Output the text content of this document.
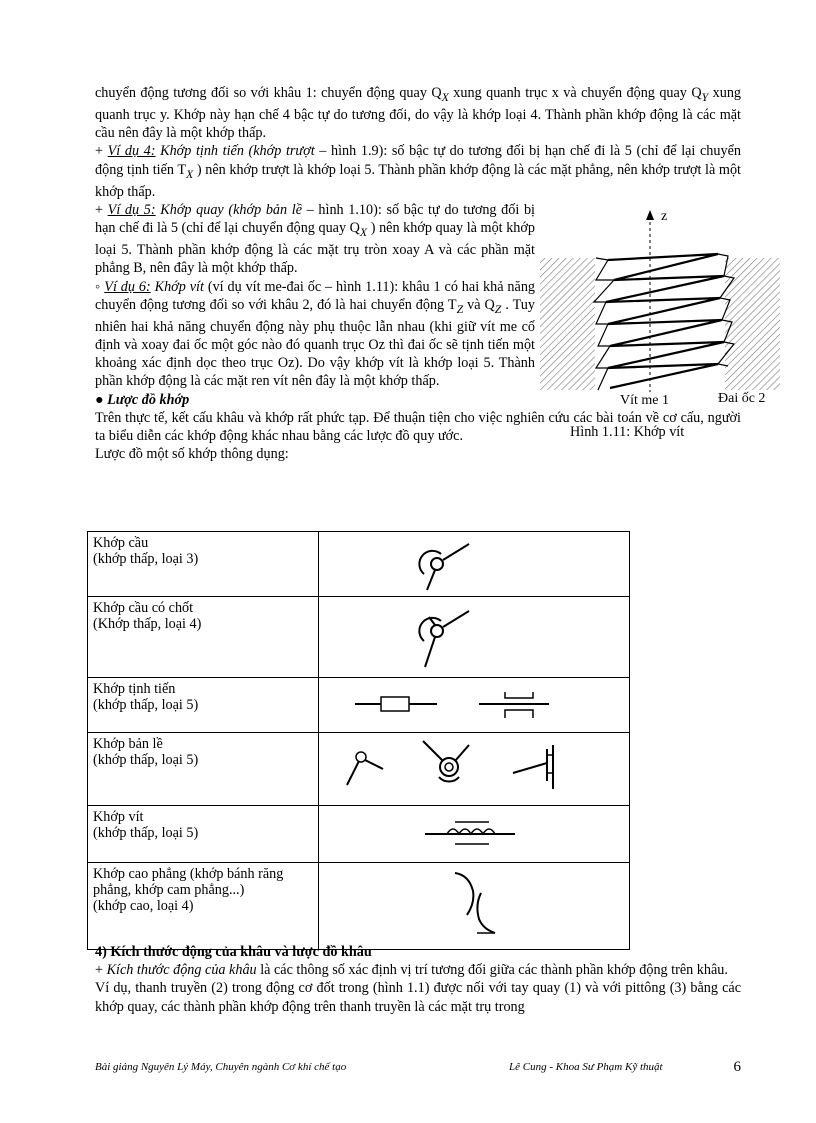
chuyển động tương đối so với khâu 1: chuyển động quay $Q_X$ xung quanh trục x và chuyển động quay $Q_Y$ xung quanh trục y. Khớp này hạn chế 4 bậc tự do tương đối, do vậy là khớp loại 4. Thành phần khớp động là các mặt cầu nên đây là một khớp thấp.

+ Ví dụ 4: Khớp tịnh tiến (khớp trượt – hình 1.9): số bậc tự do tương đối bị hạn chế đi là 5 (chỉ để lại chuyển động tịnh tiến $T_X$ ) nên khớp trượt là khớp loại 5. Thành phần khớp động là các mặt phẳng, nên khớp trượt là một khớp thấp.

+ Ví dụ 5: Khớp quay (khớp bản lề – hình 1.10): số bậc tự do tương đối bị hạn chế đi là 5 (chỉ để lại chuyển động quay $Q_X$ ) nên khớp quay là một khớp loại 5. Thành phần khớp động là các mặt trụ tròn xoay A và các phần mặt phẳng B, nên đây là một khớp thấp.

◦ Ví dụ 6: Khớp vít (ví dụ vít me-đai ốc – hình 1.11): khâu 1 có hai khả năng chuyển động tương đối so với khâu 2, đó là hai chuyển động $T_Z$ và $Q_Z$ . Tuy nhiên hai khả năng chuyển động này phụ thuộc lẫn nhau (khi giữ vít me cố định và xoay đai ốc một góc nào đó quanh trục Oz thì đai ốc sẽ tịnh tiến một khoảng xác định dọc theo trục Oz). Do vậy khớp vít là khớp loại 5. Thành phần khớp động là các mặt ren vít nên đây là một khớp thấp.

● Lược đồ khớp

Trên thực tế, kết cấu khâu và khớp rất phức tạp. Để thuận tiện cho việc nghiên cứu các bài toán về cơ cấu, người ta biểu diễn các khớp động khác nhau bằng các lược đồ quy ước.

Lược đồ một số khớp thông dụng:

z
Vít me 1	Đai ốc 2
Hình 1.11: Khớp vít
Khớp cầu
(khớp thấp, loại 3)

Khớp cầu có chốt
(Khớp thấp, loại 4)

Khớp tịnh tiến
(khớp thấp, loại 5)

Khớp bản lề
(khớp thấp, loại 5)

Khớp vít
(khớp thấp, loại 5)

Khớp cao phẳng (khớp bánh răng phẳng, khớp cam phẳng...)
(khớp cao, loại 4)

4) Kích thước động của khâu và lược đồ khâu

+ Kích thước động của khâu là các thông số xác định vị trí tương đối giữa các thành phần khớp động trên khâu.

Ví dụ, thanh truyền (2) trong động cơ đốt trong (hình 1.1) được nối với tay quay (1) và với pittông (3) bằng các khớp quay, các thành phần khớp động trên thanh truyền là các mặt trụ trong

Bài giảng Nguyên Lý Máy, Chuyên ngành Cơ khí chế tạo	Lê Cung - Khoa Sư Phạm Kỹ thuật	6
